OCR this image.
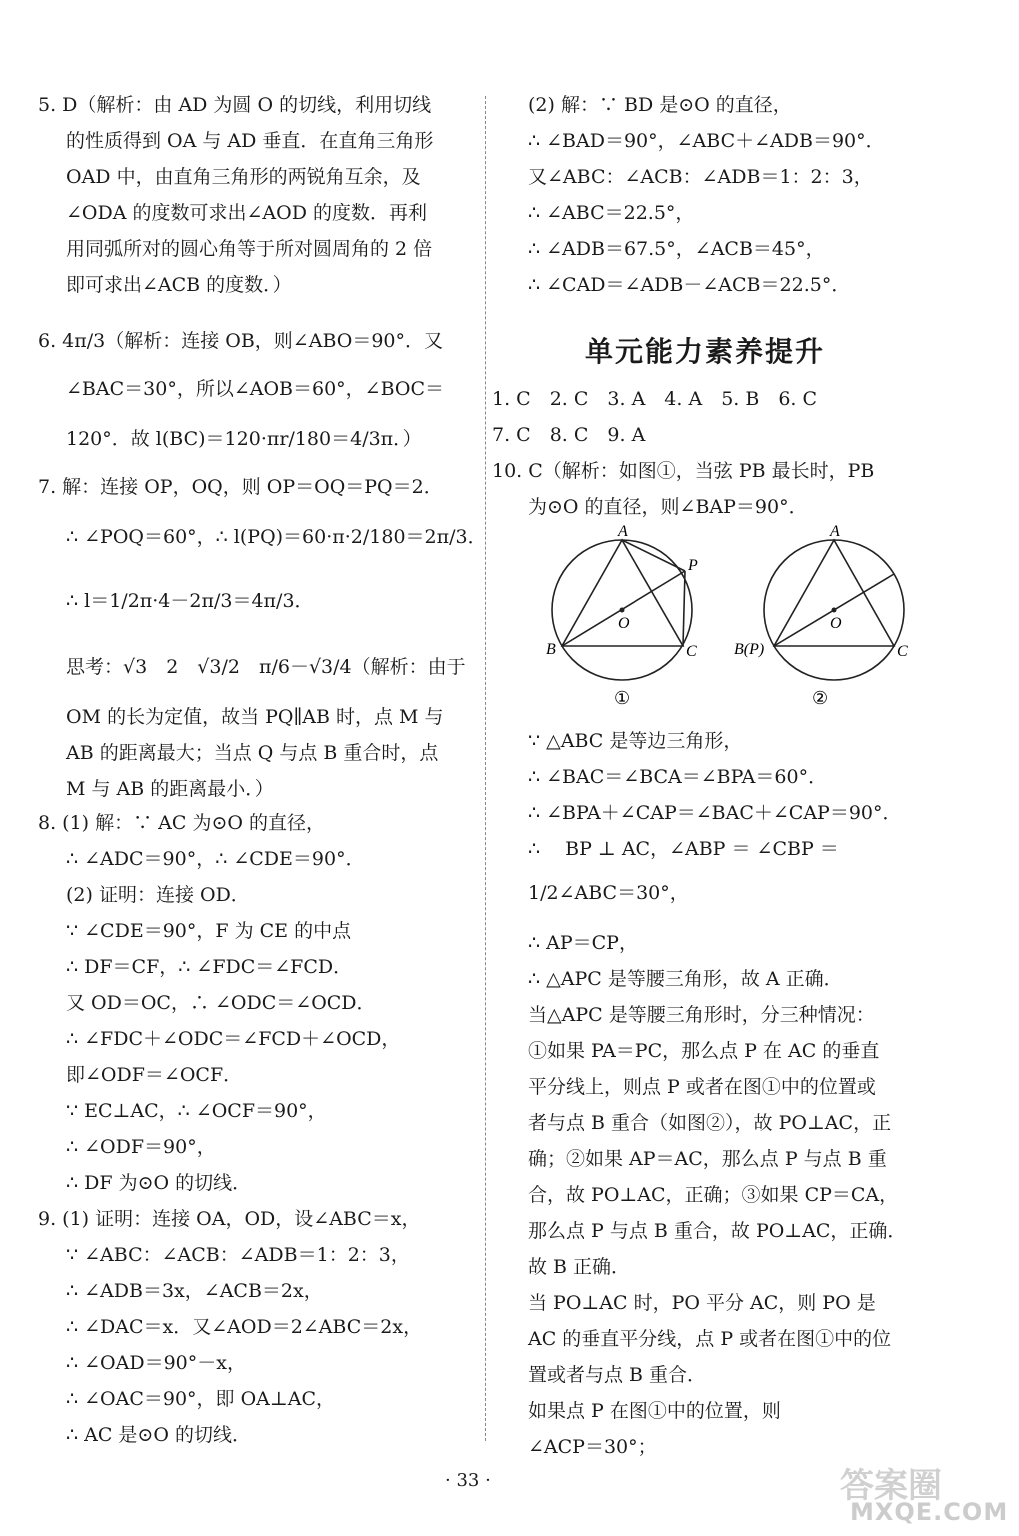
5. D（解析：由 AD 为圆 O 的切线，利用切线
的性质得到 OA 与 AD 垂直．在直角三角形
OAD 中，由直角三角形的两锐角互余，及
∠ODA 的度数可求出∠AOD 的度数．再利
用同弧所对的圆心角等于所对圆周角的 2 倍
即可求出∠ACB 的度数．）
6. 4π/3（解析：连接 OB，则∠ABO＝90°．又
∠BAC＝30°，所以∠AOB＝60°，∠BOC＝
120°．故 l(BC)＝120·πr/180＝4/3π．）
7. 解：连接 OP，OQ，则 OP＝OQ＝PQ＝2．
∴ ∠POQ＝60°，∴ l(PQ)＝60·π·2/180＝2π/3．
∴ l＝1/2π·4－2π/3＝4π/3．
思考：√3　2　√3/2　π/6－√3/4（解析：由于
OM 的长为定值，故当 PQ∥AB 时，点 M 与
AB 的距离最大；当点 Q 与点 B 重合时，点
M 与 AB 的距离最小．）
8. (1) 解：∵ AC 为⊙O 的直径，
∴ ∠ADC＝90°，∴ ∠CDE＝90°．
(2) 证明：连接 OD．
∵ ∠CDE＝90°，F 为 CE 的中点
∴ DF＝CF，∴ ∠FDC＝∠FCD．
又 OD＝OC，∴ ∠ODC＝∠OCD．
∴ ∠FDC＋∠ODC＝∠FCD＋∠OCD，
即∠ODF＝∠OCF．
∵ EC⊥AC，∴ ∠OCF＝90°，
∴ ∠ODF＝90°，
∴ DF 为⊙O 的切线．
9. (1) 证明：连接 OA，OD，设∠ABC＝x，
∵ ∠ABC：∠ACB：∠ADB＝1：2：3，
∴ ∠ADB＝3x，∠ACB＝2x，
∴ ∠DAC＝x．又∠AOD＝2∠ABC＝2x，
∴ ∠OAD＝90°－x，
∴ ∠OAC＝90°，即 OA⊥AC，
∴ AC 是⊙O 的切线．
(2) 解：∵ BD 是⊙O 的直径，
∴ ∠BAD＝90°，∠ABC＋∠ADB＝90°．
又∠ABC：∠ACB：∠ADB＝1：2：3，
∴ ∠ABC＝22.5°，
∴ ∠ADB＝67.5°，∠ACB＝45°，
∴ ∠CAD＝∠ADB－∠ACB＝22.5°．
1. C　2. C　3. A　4. A　5. B　6. C
7. C　8. C　9. A
10. C（解析：如图①，当弦 PB 最长时，PB
为⊙O 的直径，则∠BAP＝90°．
∵ △ABC 是等边三角形，
∴ ∠BAC＝∠BCA＝∠BPA＝60°．
∴ ∠BPA＋∠CAP＝∠BAC＋∠CAP＝90°．
∴ 　BP ⊥ AC，∠ABP ＝ ∠CBP ＝
1/2∠ABC＝30°，
∴ AP＝CP，
∴ △APC 是等腰三角形，故 A 正确．
当△APC 是等腰三角形时，分三种情况：
①如果 PA＝PC，那么点 P 在 AC 的垂直
平分线上，则点 P 或者在图①中的位置或
者与点 B 重合（如图②），故 PO⊥AC，正
确；②如果 AP＝AC，那么点 P 与点 B 重
合，故 PO⊥AC，正确；③如果 CP＝CA，
那么点 P 与点 B 重合，故 PO⊥AC，正确．
故 B 正确．
当 PO⊥AC 时，PO 平分 AC，则 PO 是
AC 的垂直平分线，点 P 或者在图①中的位
置或者与点 B 重合．
如果点 P 在图①中的位置，则
∠ACP＝30°；
单元能力素养提升
A
P
B	C
O
①
A
B(P)	C
O
②
· 33 ·	答案圈
MXQE.COM
